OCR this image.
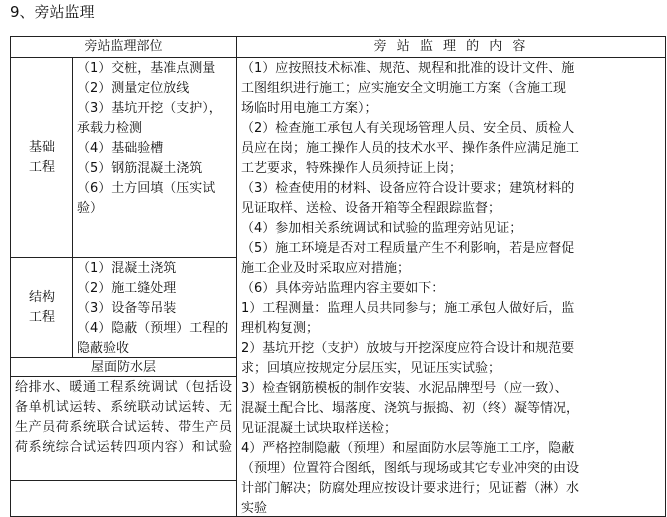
9、旁站监理
旁站监理部位	旁 站 监 理 的 内 容
基础
工程
（1）交桩，基准点测量
（2）测量定位放线
（3）基坑开挖（支护），承载力检测
（4）基础验槽
（5）钢筋混凝土浇筑
（6）土方回填（压实试验）
结构
工程
（1）混凝土浇筑
（2）施工缝处理
（3）设备等吊装
（4）隐蔽（预埋）工程的隐蔽验收
屋面防水层
给排水、暖通工程系统调试（包括设备单机试运转、系统联动试运转、无生产员荷系统联合试运转、带生产员荷系统综合试运转四项内容）和试验
（1）应按照技术标准、规范、规程和批准的设计文件、施
工图组织进行施工；应实施安全文明施工方案（含施工现
场临时用电施工方案）；
（2）检查施工承包人有关现场管理人员、安全员、质检人
员应在岗；施工操作人员的技术水平、操作条件应满足施工
工艺要求，特殊操作人员须持证上岗；
（3）检查使用的材料、设备应符合设计要求；建筑材料的
见证取样、送检、设备开箱等全程跟踪监督；
（4）参加相关系统调试和试验的监理旁站见证；
（5）施工环境是否对工程质量产生不利影响，若是应督促
施工企业及时采取应对措施；
（6）具体旁站监理内容主要如下：
1）工程测量：监理人员共同参与；施工承包人做好后，监
理机构复测；
2）基坑开挖（支护）放坡与开挖深度应符合设计和规范要
求；回填应按规定分层压实，见证压实试验；
3）检查钢筋模板的制作安装、水泥品牌型号（应一致）、
混凝土配合比、塌落度、浇筑与振捣、初（终）凝等情况，
见证混凝土试块取样送检；
4）严格控制隐蔽（预埋）和屋面防水层等施工工序，隐蔽
（预埋）位置符合图纸，图纸与现场或其它专业冲突的由设
计部门解决；防腐处理应按设计要求进行；见证蓄（淋）水
实验
